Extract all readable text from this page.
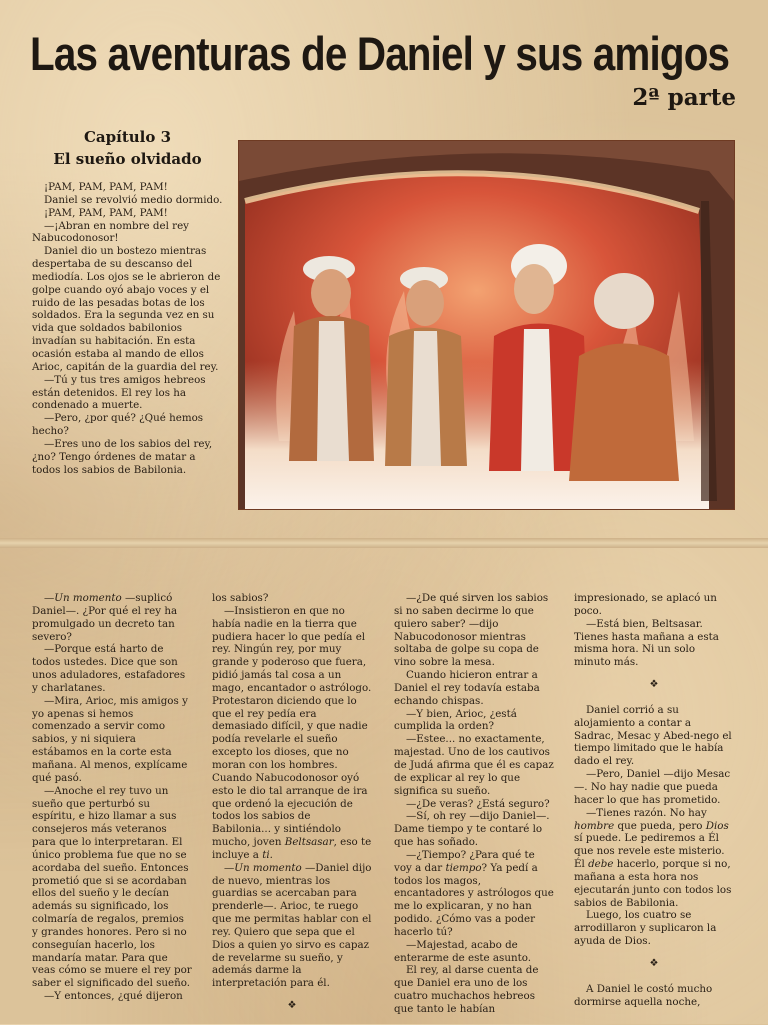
Las aventuras de Daniel y sus amigos
2ª parte
Capítulo 3
El sueño olvidado

¡PAM, PAM, PAM, PAM!

Daniel se revolvió medio dormido.

¡PAM, PAM, PAM, PAM!

—¡Abran en nombre del rey Nabucodonosor!

Daniel dio un bostezo mientras despertaba de su descanso del mediodía. Los ojos se le abrieron de golpe cuando oyó abajo voces y el ruido de las pesadas botas de los soldados. Era la segunda vez en su vida que soldados babilonios invadían su habitación. En esta ocasión estaba al mando de ellos Arioc, capitán de la guardia del rey.

—Tú y tus tres amigos hebreos están detenidos. El rey los ha condenado a muerte.

—Pero, ¿por qué? ¿Qué hemos hecho?

—Eres uno de los sabios del rey, ¿no? Tengo órdenes de matar a todos los sabios de Babilonia.

—Un momento —suplicó Daniel—. ¿Por qué el rey ha promulgado un decreto tan severo?

—Porque está harto de todos ustedes. Dice que son unos aduladores, estafadores y charlatanes.

—Mira, Arioc, mis amigos y yo apenas si hemos comenzado a servir como sabios, y ni siquiera estábamos en la corte esta mañana. Al menos, explícame qué pasó.

—Anoche el rey tuvo un sueño que perturbó su espíritu, e hizo llamar a sus consejeros más veteranos para que lo interpretaran. El único problema fue que no se acordaba del sueño. Entonces prometió que si se acordaban ellos del sueño y le decían además su significado, los colmaría de regalos, premios y grandes honores. Pero si no conseguían hacerlo, los mandaría matar. Para que veas cómo se muere el rey por saber el significado del sueño.

—Y entonces, ¿qué dijeron

los sabios?

—Insistieron en que no había nadie en la tierra que pudiera hacer lo que pedía el rey. Ningún rey, por muy grande y poderoso que fuera, pidió jamás tal cosa a un mago, encantador o astrólogo. Protestaron diciendo que lo que el rey pedía era demasiado difícil, y que nadie podía revelarle el sueño excepto los dioses, que no moran con los hombres. Cuando Nabucodonosor oyó esto le dio tal arranque de ira que ordenó la ejecución de todos los sabios de Babilonia... y sintiéndolo mucho, joven Beltsasar, eso te incluye a ti.

—Un momento —Daniel dijo de nuevo, mientras los guardias se acercaban para prenderle—. Arioc, te ruego que me permitas hablar con el rey. Quiero que sepa que el Dios a quien yo sirvo es capaz de revelarme su sueño, y además darme la interpretación para él.

❖

—¿De qué sirven los sabios si no saben decirme lo que quiero saber? —dijo Nabucodonosor mientras soltaba de golpe su copa de vino sobre la mesa.

Cuando hicieron entrar a Daniel el rey todavía estaba echando chispas.

—Y bien, Arioc, ¿está cumplida la orden?

—Estee... no exactamente, majestad. Uno de los cautivos de Judá afirma que él es capaz de explicar al rey lo que significa su sueño.

—¿De veras? ¿Está seguro?

—Sí, oh rey —dijo Daniel—. Dame tiempo y te contaré lo que has soñado.

—¿Tiempo? ¿Para qué te voy a dar tiempo? Ya pedí a todos los magos, encantadores y astrólogos que me lo explicaran, y no han podido. ¿Cómo vas a poder hacerlo tú?

—Majestad, acabo de enterarme de este asunto.

El rey, al darse cuenta de que Daniel era uno de los cuatro muchachos hebreos que tanto le habían

impresionado, se aplacó un poco.

—Está bien, Beltsasar. Tienes hasta mañana a esta misma hora. Ni un solo minuto más.

❖

Daniel corrió a su alojamiento a contar a Sadrac, Mesac y Abed-nego el tiempo limitado que le había dado el rey.

—Pero, Daniel —dijo Mesac—. No hay nadie que pueda hacer lo que has prometido.

—Tienes razón. No hay hombre que pueda, pero Dios sí puede. Le pediremos a Él que nos revele este misterio. Él debe hacerlo, porque si no, mañana a esta hora nos ejecutarán junto con todos los sabios de Babilonia.

Luego, los cuatro se arrodillaron y suplicaron la ayuda de Dios.

❖

A Daniel le costó mucho dormirse aquella noche,
